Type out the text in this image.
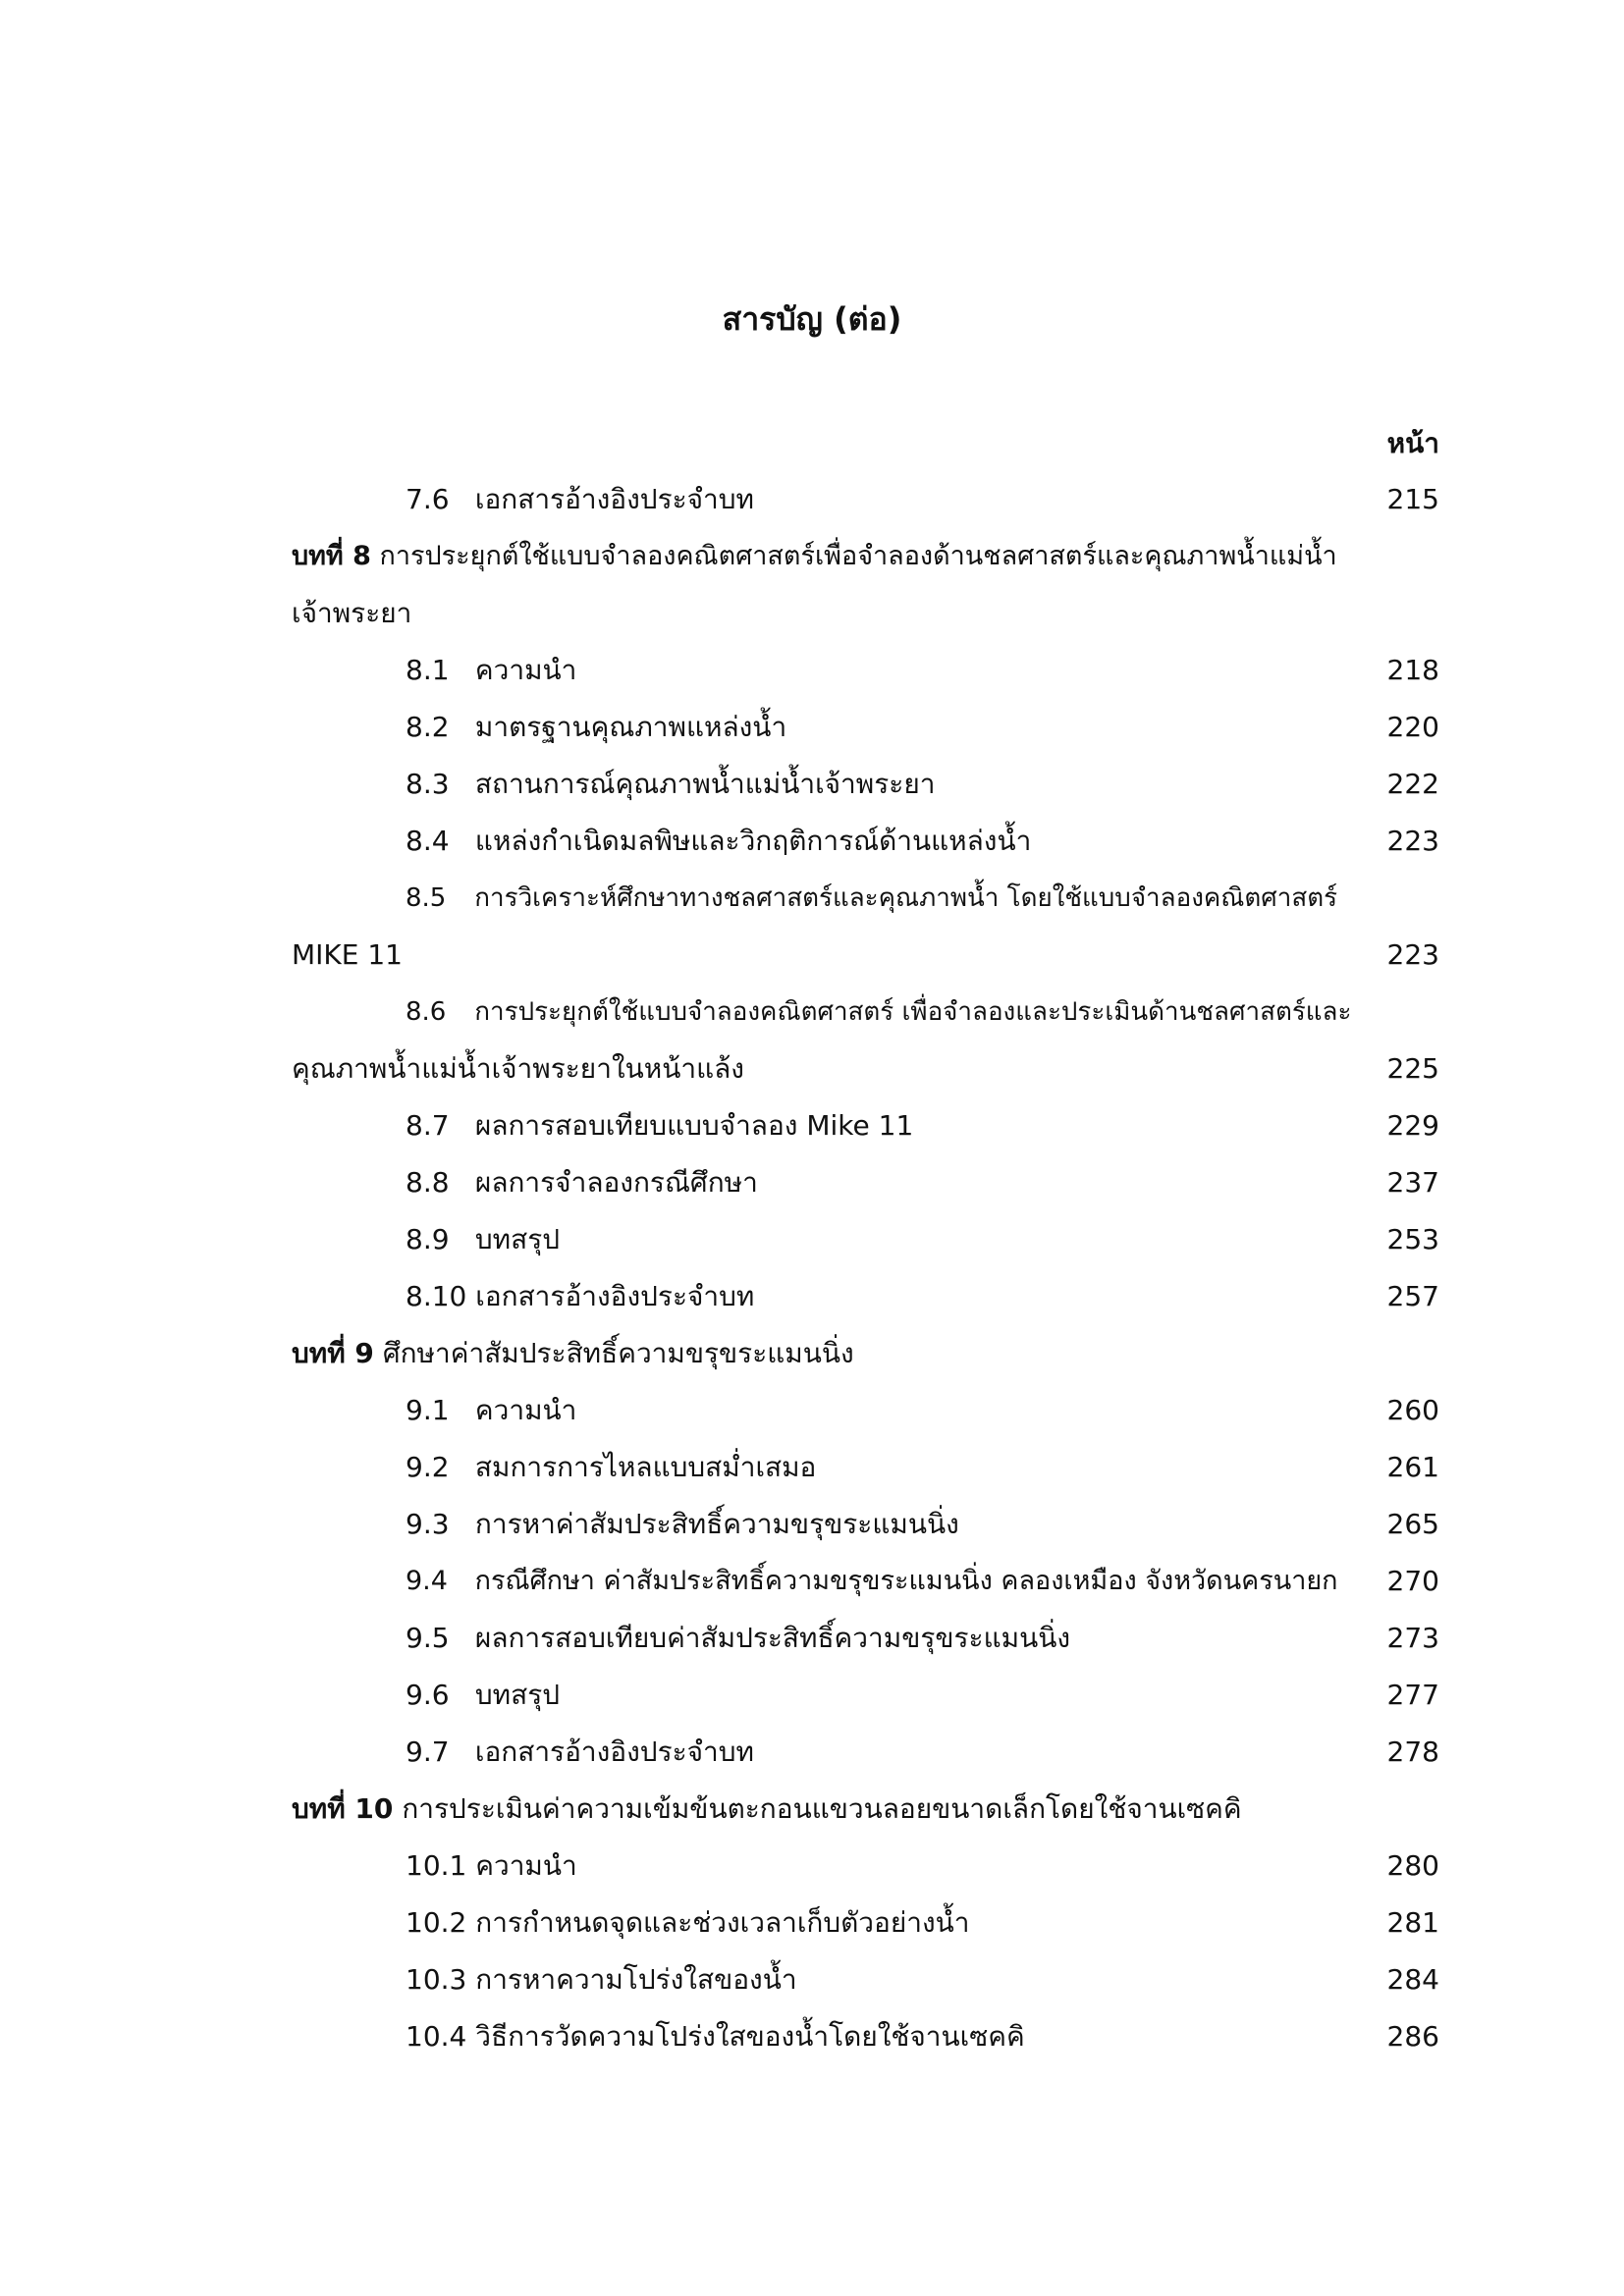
สารบัญ (ต่อ)
หน้า
7.6 เอกสารอ้างอิงประจำบท	215
บทที่ 8 การประยุกต์ใช้แบบจำลองคณิตศาสตร์เพื่อจำลองด้านชลศาสตร์และคุณภาพน้ำแม่น้ำ
เจ้าพระยา
8.1 ความนำ	218
8.2 มาตรฐานคุณภาพแหล่งน้ำ	220
8.3 สถานการณ์คุณภาพน้ำแม่น้ำเจ้าพระยา	222
8.4 แหล่งกำเนิดมลพิษและวิกฤติการณ์ด้านแหล่งน้ำ	223
8.5 การวิเคราะห์ศึกษาทางชลศาสตร์และคุณภาพน้ำ โดยใช้แบบจำลองคณิตศาสตร์
MIKE 11	223
8.6 การประยุกต์ใช้แบบจำลองคณิตศาสตร์ เพื่อจำลองและประเมินด้านชลศาสตร์และ
คุณภาพน้ำแม่น้ำเจ้าพระยาในหน้าแล้ง	225
8.7 ผลการสอบเทียบแบบจำลอง Mike 11	229
8.8 ผลการจำลองกรณีศึกษา	237
8.9 บทสรุป	253
8.10 เอกสารอ้างอิงประจำบท	257
บทที่ 9 ศึกษาค่าสัมประสิทธิ์ความขรุขระแมนนิ่ง
9.1 ความนำ	260
9.2 สมการการไหลแบบสม่ำเสมอ	261
9.3 การหาค่าสัมประสิทธิ์ความขรุขระแมนนิ่ง	265
9.4 กรณีศึกษา ค่าสัมประสิทธิ์ความขรุขระแมนนิ่ง คลองเหมือง จังหวัดนครนายก 270
9.5 ผลการสอบเทียบค่าสัมประสิทธิ์ความขรุขระแมนนิ่ง	273
9.6 บทสรุป	277
9.7 เอกสารอ้างอิงประจำบท	278
บทที่ 10 การประเมินค่าความเข้มข้นตะกอนแขวนลอยขนาดเล็กโดยใช้จานเซคคิ
10.1 ความนำ	280
10.2 การกำหนดจุดและช่วงเวลาเก็บตัวอย่างน้ำ	281
10.3 การหาความโปร่งใสของน้ำ	284
10.4 วิธีการวัดความโปร่งใสของน้ำโดยใช้จานเซคคิ	286
